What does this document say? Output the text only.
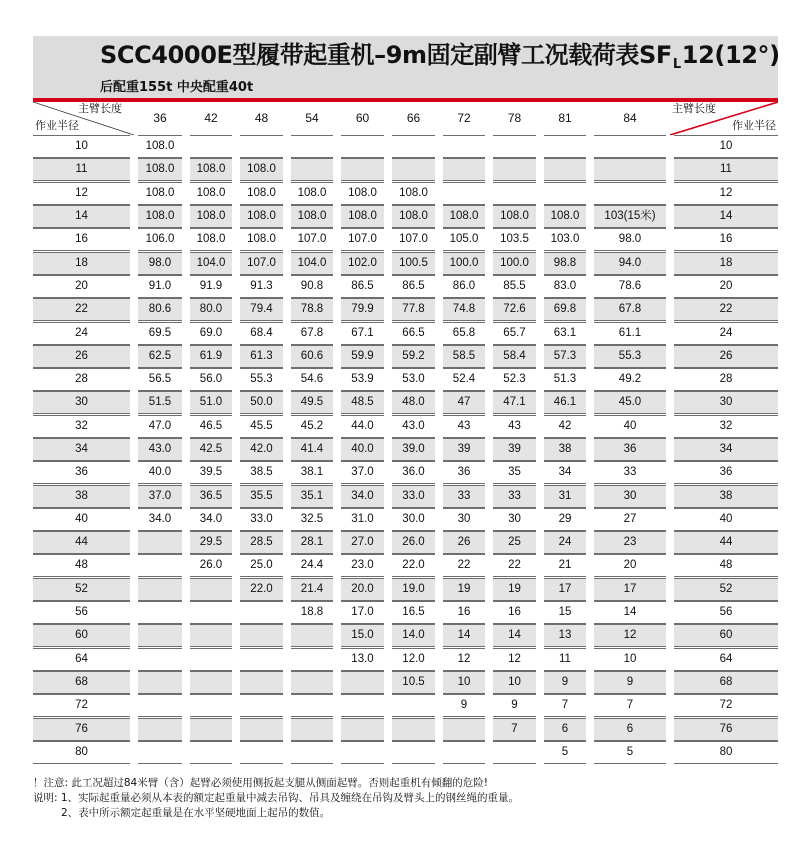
SCC4000E型履带起重机–9m固定副臂工况载荷表$SF_L12(12^\circ)$
后配重155t 中央配重40t
主臂长度
作业半径	36	42	48	54	60	66	72	78	81	84	主臂长度
作业半径

10	108.0										10

11	108.0	108.0	108.0								11

12	108.0	108.0	108.0	108.0	108.0	108.0					12

14	108.0	108.0	108.0	108.0	108.0	108.0	108.0	108.0	108.0	103(15米)	14

16	106.0	108.0	108.0	107.0	107.0	107.0	105.0	103.5	103.0	98.0	16

18	98.0	104.0	107.0	104.0	102.0	100.5	100.0	100.0	98.8	94.0	18

20	91.0	91.9	91.3	90.8	86.5	86.5	86.0	85.5	83.0	78.6	20

22	80.6	80.0	79.4	78.8	79.9	77.8	74.8	72.6	69.8	67.8	22

24	69.5	69.0	68.4	67.8	67.1	66.5	65.8	65.7	63.1	61.1	24

26	62.5	61.9	61.3	60.6	59.9	59.2	58.5	58.4	57.3	55.3	26

28	56.5	56.0	55.3	54.6	53.9	53.0	52.4	52.3	51.3	49.2	28

30	51.5	51.0	50.0	49.5	48.5	48.0	47	47.1	46.1	45.0	30

32	47.0	46.5	45.5	45.2	44.0	43.0	43	43	42	40	32

34	43.0	42.5	42.0	41.4	40.0	39.0	39	39	38	36	34

36	40.0	39.5	38.5	38.1	37.0	36.0	36	35	34	33	36

38	37.0	36.5	35.5	35.1	34.0	33.0	33	33	31	30	38

40	34.0	34.0	33.0	32.5	31.0	30.0	30	30	29	27	40

44		29.5	28.5	28.1	27.0	26.0	26	25	24	23	44

48		26.0	25.0	24.4	23.0	22.0	22	22	21	20	48

52			22.0	21.4	20.0	19.0	19	19	17	17	52

56				18.8	17.0	16.5	16	16	15	14	56

60					15.0	14.0	14	14	13	12	60

64					13.0	12.0	12	12	11	10	64

68						10.5	10	10	9	9	68

72							9	9	7	7	72

76								7	6	6	76

80									5	5	80
！注意: 此工况超过84米臂（含）起臂必须使用侧扳起支腿从侧面起臂。否则起重机有倾翻的危险!
说明: 1、实际起重量必须从本表的额定起重量中减去吊钩、吊具及缠绕在吊钩及臂头上的钢丝绳的重量。
2、表中所示额定起重量是在水平坚硬地面上起吊的数值。
